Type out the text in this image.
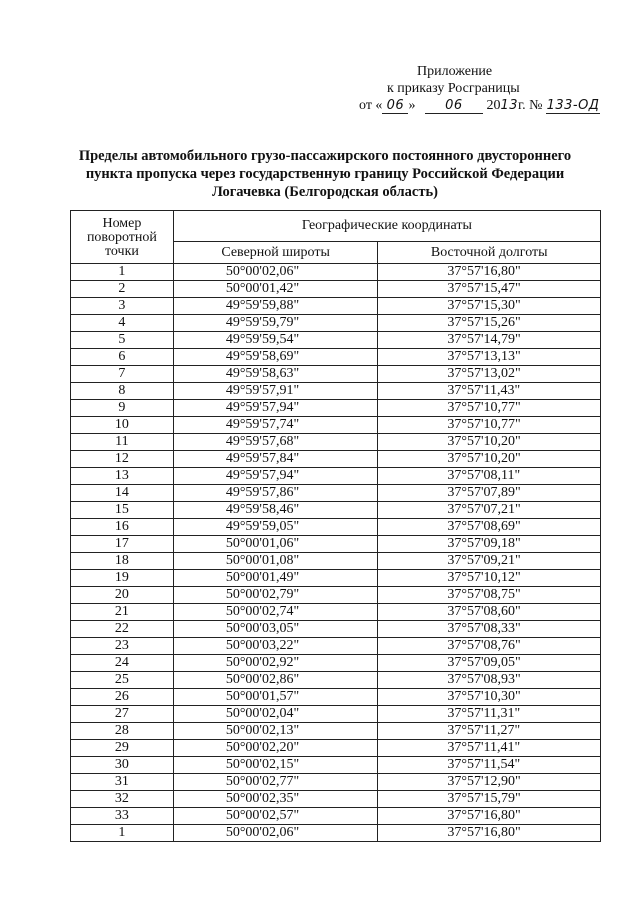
Приложение
к приказу Росграницы
от « 06 » 06 2013г. № 133-ОД
Пределы автомобильного грузо-пассажирского постоянного двустороннего
пункта пропуска через государственную границу Российской Федерации
Логачевка (Белгородская область)
Номер поворотной точки	Географические координаты	
	Северной широты	Восточной долготы
1	50°00'02,06"	37°57'16,80"
2	50°00'01,42"	37°57'15,47"
3	49°59'59,88"	37°57'15,30"
4	49°59'59,79"	37°57'15,26"
5	49°59'59,54"	37°57'14,79"
6	49°59'58,69"	37°57'13,13"
7	49°59'58,63"	37°57'13,02"
8	49°59'57,91"	37°57'11,43"
9	49°59'57,94"	37°57'10,77"
10	49°59'57,74"	37°57'10,77"
11	49°59'57,68"	37°57'10,20"
12	49°59'57,84"	37°57'10,20"
13	49°59'57,94"	37°57'08,11"
14	49°59'57,86"	37°57'07,89"
15	49°59'58,46"	37°57'07,21"
16	49°59'59,05"	37°57'08,69"
17	50°00'01,06"	37°57'09,18"
18	50°00'01,08"	37°57'09,21"
19	50°00'01,49"	37°57'10,12"
20	50°00'02,79"	37°57'08,75"
21	50°00'02,74"	37°57'08,60"
22	50°00'03,05"	37°57'08,33"
23	50°00'03,22"	37°57'08,76"
24	50°00'02,92"	37°57'09,05"
25	50°00'02,86"	37°57'08,93"
26	50°00'01,57"	37°57'10,30"
27	50°00'02,04"	37°57'11,31"
28	50°00'02,13"	37°57'11,27"
29	50°00'02,20"	37°57'11,41"
30	50°00'02,15"	37°57'11,54"
31	50°00'02,77"	37°57'12,90"
32	50°00'02,35"	37°57'15,79"
33	50°00'02,57"	37°57'16,80"
1	50°00'02,06"	37°57'16,80"
